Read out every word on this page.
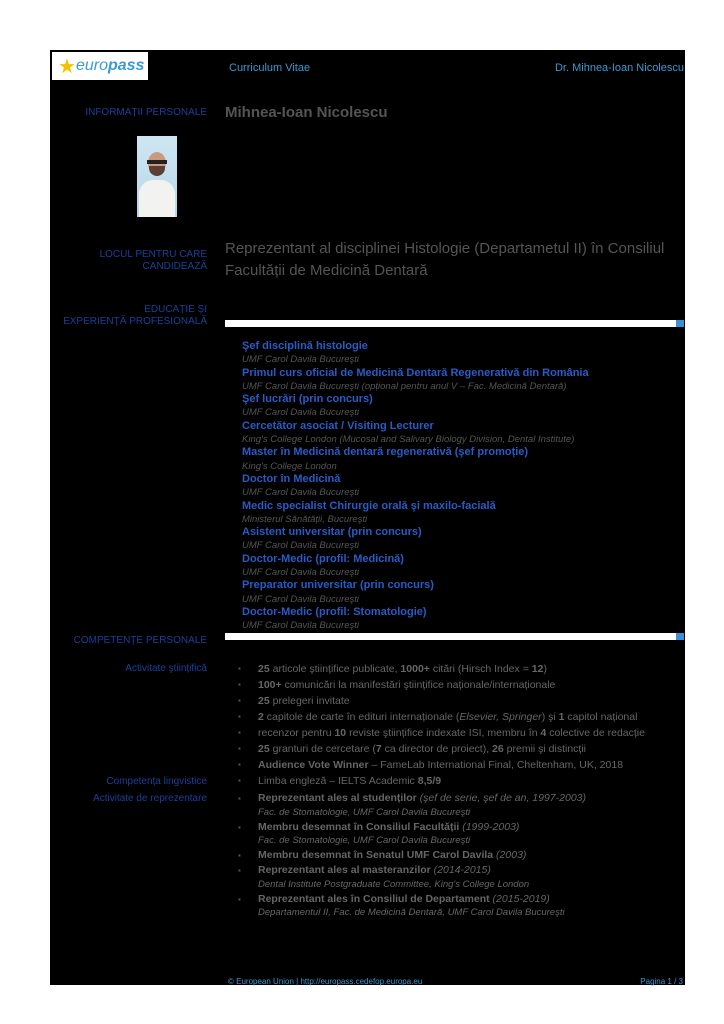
★ europass	Curriculum Vitae	Dr. Mihnea-Ioan Nicolescu
INFORMAȚII PERSONALE Mihnea-Ioan Nicolescu
LOCUL PENTRU CARE
CANDIDEAZĂ
Reprezentant al disciplinei Histologie (Departametul II) în Consiliul Facultății de Medicină Dentară
EDUCAȚIE ȘI
EXPERIENȚĂ PROFESIONALĂ
Şef disciplină histologie
UMF Carol Davila Bucureşti
Primul curs oficial de Medicină Dentară Regenerativă din România
UMF Carol Davila Bucureşti (opțional pentru anul V – Fac. Medicină Dentară)
Şef lucrări (prin concurs)
UMF Carol Davila Bucureşti
Cercetător asociat / Visiting Lecturer
King's College London (Mucosal and Salivary Biology Division, Dental Institute)
Master în Medicină dentară regenerativă (şef promoție)
King's College London
Doctor în Medicină
UMF Carol Davila Bucureşti
Medic specialist Chirurgie orală şi maxilo-facială
Ministerul Sănătății, Bucureşti
Asistent universitar (prin concurs)
UMF Carol Davila Bucureşti
Doctor-Medic (profil: Medicină)
UMF Carol Davila Bucureşti
Preparator universitar (prin concurs)
UMF Carol Davila Bucureşti
Doctor-Medic (profil: Stomatologie)
UMF Carol Davila Bucureşti
COMPETENȚE PERSONALE
Activitate ştiințifică	▪ 25 articole ştiințifice publicate, 1000+ citări (Hirsch Index = 12)
▪ 100+ comunicări la manifestări ştiințifice naționale/internaționale
▪ 25 prelegeri invitate
▪ 2 capitole de carte în edituri internaționale (Elsevier, Springer) şi 1 capitol național
▪ recenzor pentru 10 reviste ştiințifice indexate ISI, membru în 4 colective de redacție
▪ 25 granturi de cercetare (7 ca director de proiect), 26 premii şi distincții
▪ Audience Vote Winner – FameLab International Final, Cheltenham, UK, 2018
Competența lingvistice	▪ Limba engleză – IELTS Academic 8,5/9
Activitate de reprezentare	▪ Reprezentant ales al studenților (şef de serie, şef de an, 1997-2003)
Fac. de Stomatologie, UMF Carol Davila Bucureşti
▪ Membru desemnat în Consiliul Facultății (1999-2003)
Fac. de Stomatologie, UMF Carol Davila Bucureşti
▪ Membru desemnat în Senatul UMF Carol Davila (2003)
▪ Reprezentant ales al masteranzilor (2014-2015)
Dental Institute Postgraduate Committee, King's College London
▪ Reprezentant ales în Consiliul de Departament (2015-2019)
Departamentul II, Fac. de Medicină Dentară, UMF Carol Davila Bucureşti
© European Union | http://europass.cedefop.europa.eu	Pagina 1 / 3
